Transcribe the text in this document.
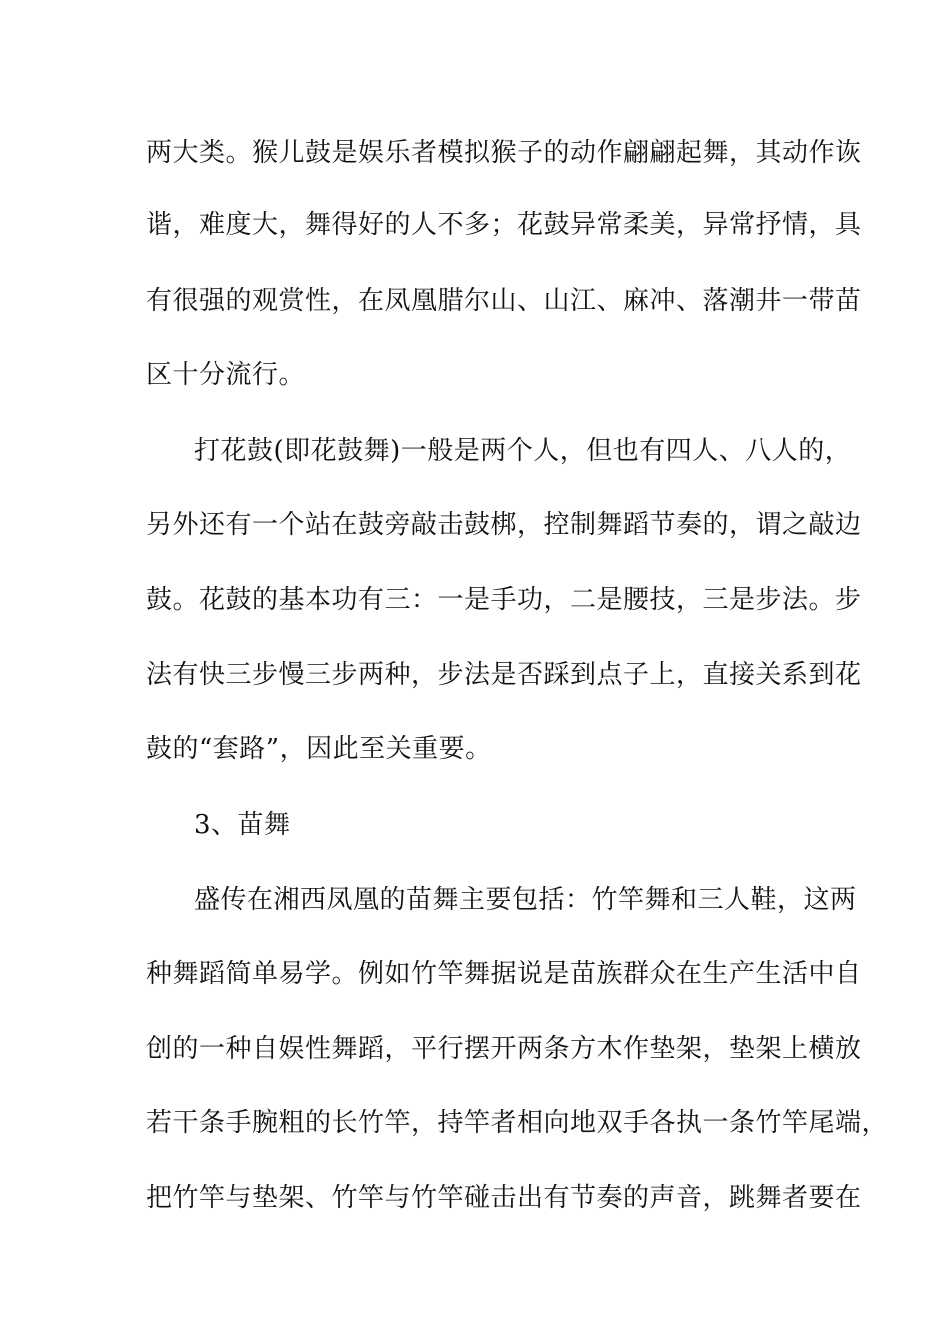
两大类。猴儿鼓是娱乐者模拟猴子的动作翩翩起舞，其动作诙
谐，难度大，舞得好的人不多；花鼓异常柔美，异常抒情，具
有很强的观赏性，在凤凰腊尔山、山江、麻冲、落潮井一带苗
区十分流行。
打花鼓(即花鼓舞)一般是两个人，但也有四人、八人的，
另外还有一个站在鼓旁敲击鼓梆，控制舞蹈节奏的，谓之敲边
鼓。花鼓的基本功有三：一是手功，二是腰技，三是步法。步
法有快三步慢三步两种，步法是否踩到点子上，直接关系到花
鼓的“套路”，因此至关重要。
3、苗舞
盛传在湘西凤凰的苗舞主要包括：竹竿舞和三人鞋，这两
种舞蹈简单易学。例如竹竿舞据说是苗族群众在生产生活中自
创的一种自娱性舞蹈，平行摆开两条方木作垫架，垫架上横放
若干条手腕粗的长竹竿，持竿者相向地双手各执一条竹竿尾端，
把竹竿与垫架、竹竿与竹竿碰击出有节奏的声音，跳舞者要在
